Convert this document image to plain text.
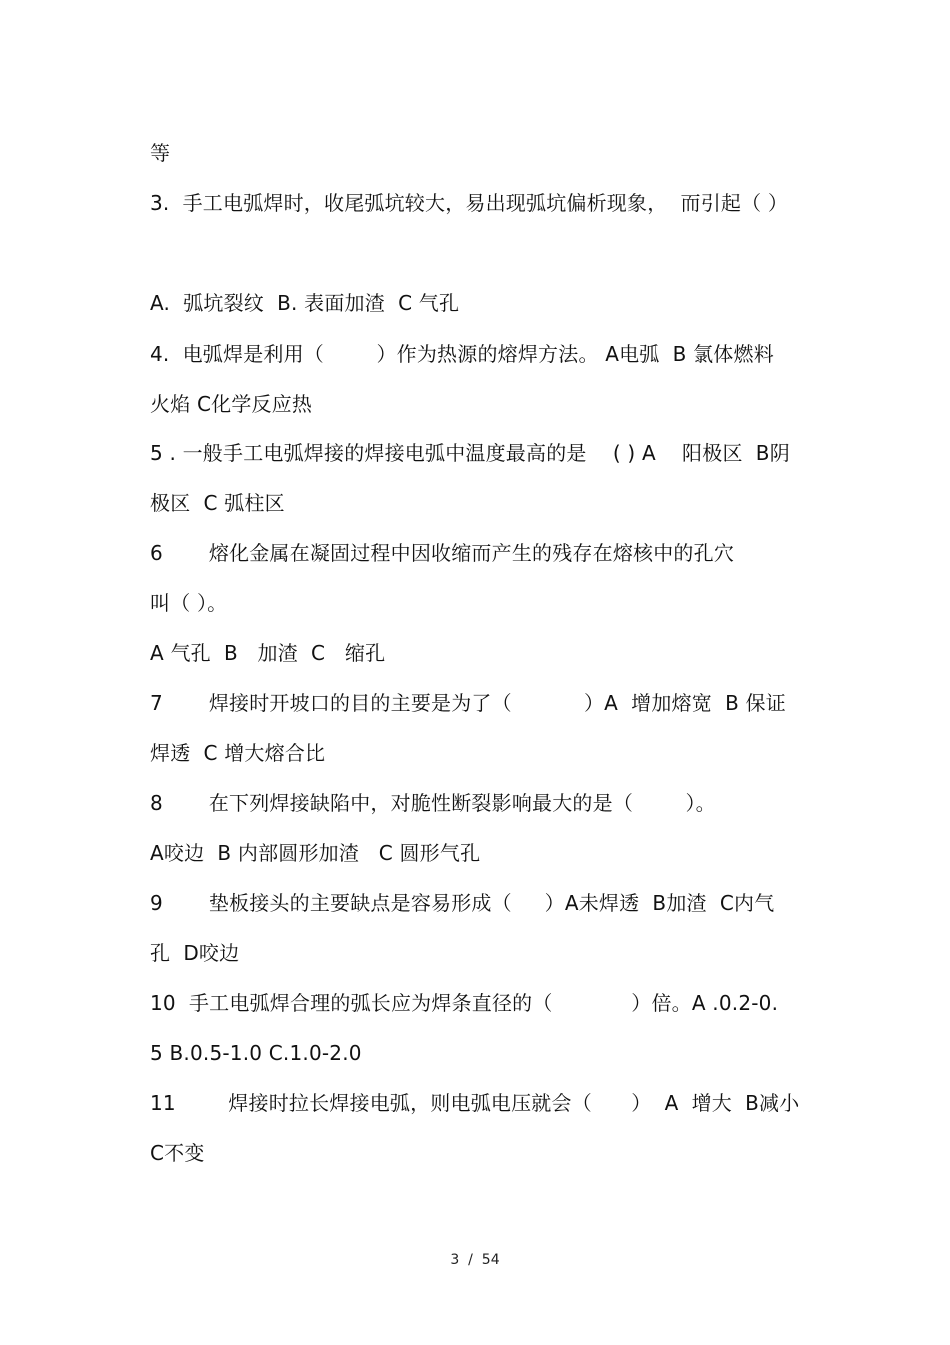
等
3.  手工电弧焊时，收尾弧坑较大，易出现弧坑偏析现象，  而引起（ ）
A.  弧坑裂纹  B. 表面加渣  C 气孔
4.  电弧焊是利用（        ）作为热源的熔焊方法。 A电弧  B 氯体燃料
火焰 C化学反应热
5 . 一般手工电弧焊接的焊接电弧中温度最高的是    ( ) A    阳极区  B阴
极区  C 弧柱区
6       熔化金属在凝固过程中因收缩而产生的残存在熔核中的孔穴
叫（ ）。
A 气孔  B   加渣  C   缩孔
7       焊接时开坡口的目的主要是为了（           ）A  增加熔宽  B 保证
焊透  C 增大熔合比
8       在下列焊接缺陷中，对脆性断裂影响最大的是（        ）。
A咬边  B 内部圆形加渣   C 圆形气孔
9       垫板接头的主要缺点是容易形成（     ）A未焊透  B加渣  C内气
孔  D咬边
10  手工电弧焊合理的弧长应为焊条直径的（            ）倍。A .0.2-0.
5 B.0.5-1.0 C.1.0-2.0
11        焊接时拉长焊接电弧，则电弧电压就会（      ）  A  增大  B减小
C不变
3  /  54
